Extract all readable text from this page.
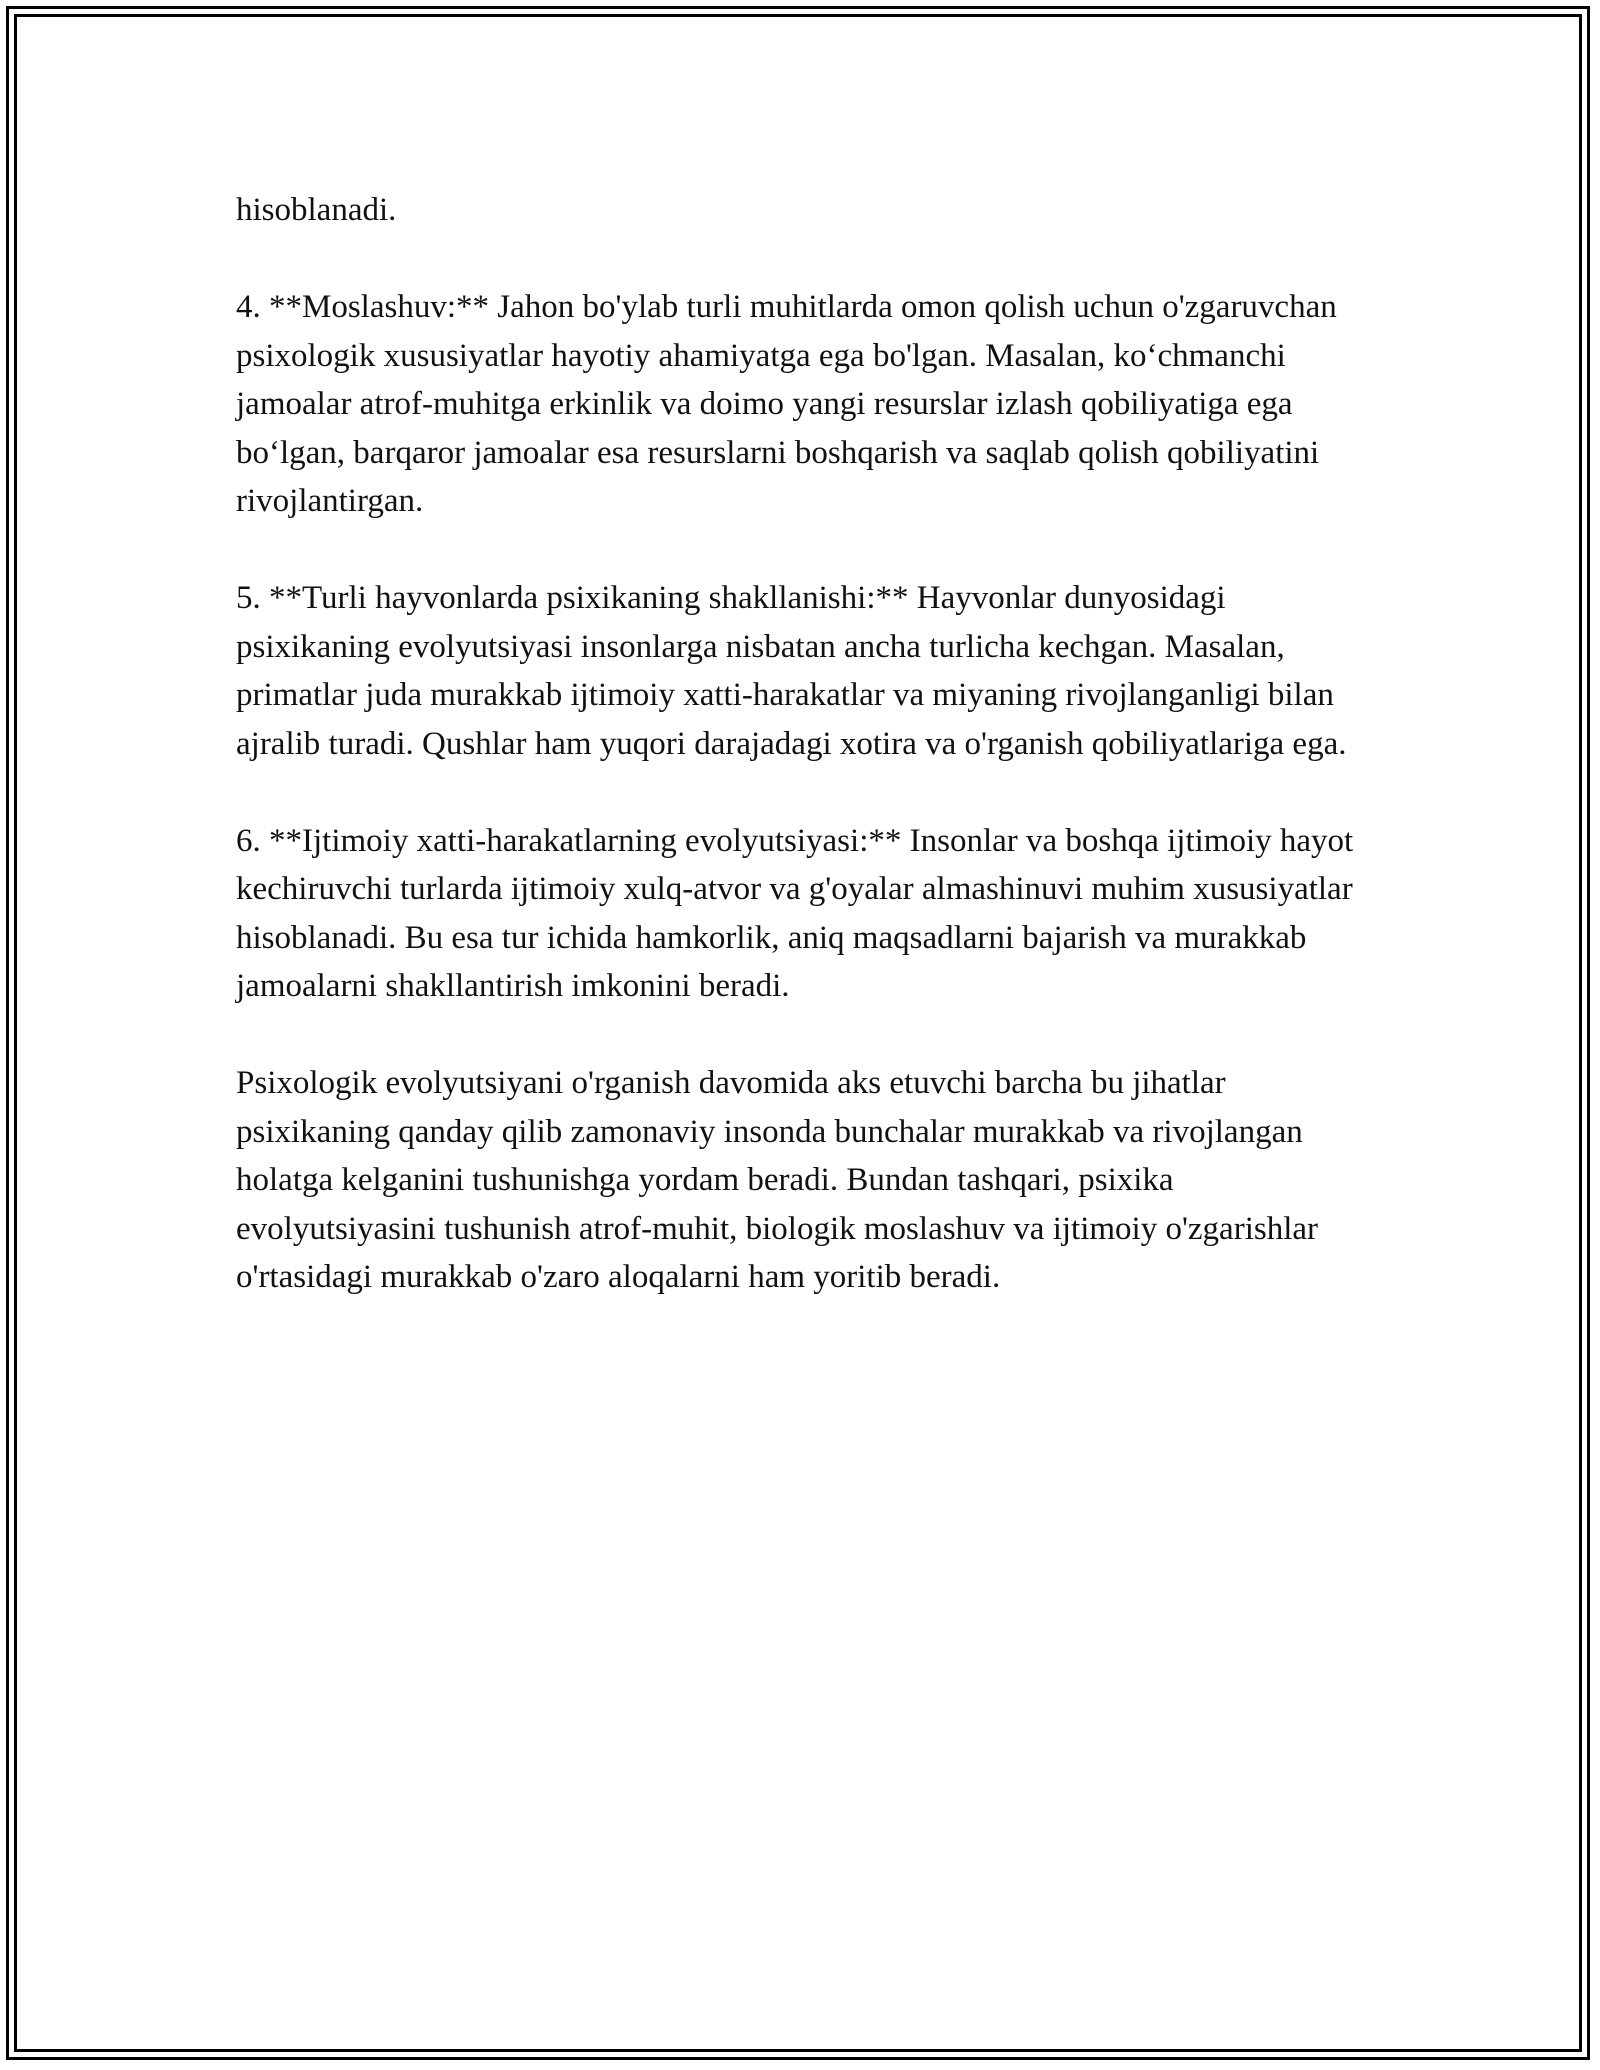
hisoblanadi.

4. **Moslashuv:** Jahon bo'ylab turli muhitlarda omon qolish uchun o'zgaruvchan psixologik xususiyatlar hayotiy ahamiyatga ega bo'lgan. Masalan, koʻchmanchi jamoalar atrof-muhitga erkinlik va doimo yangi resurslar izlash qobiliyatiga ega boʻlgan, barqaror jamoalar esa resurslarni boshqarish va saqlab qolish qobiliyatini rivojlantirgan.

5. **Turli hayvonlarda psixikaning shakllanishi:** Hayvonlar dunyosidagi psixikaning evolyutsiyasi insonlarga nisbatan ancha turlicha kechgan. Masalan, primatlar juda murakkab ijtimoiy xatti-harakatlar va miyaning rivojlanganligi bilan ajralib turadi. Qushlar ham yuqori darajadagi xotira va o'rganish qobiliyatlariga ega.

6. **Ijtimoiy xatti-harakatlarning evolyutsiyasi:** Insonlar va boshqa ijtimoiy hayot kechiruvchi turlarda ijtimoiy xulq-atvor va g'oyalar almashinuvi muhim xususiyatlar hisoblanadi. Bu esa tur ichida hamkorlik, aniq maqsadlarni bajarish va murakkab jamoalarni shakllantirish imkonini beradi.

Psixologik evolyutsiyani o'rganish davomida aks etuvchi barcha bu jihatlar psixikaning qanday qilib zamonaviy insonda bunchalar murakkab va rivojlangan holatga kelganini tushunishga yordam beradi. Bundan tashqari, psixika evolyutsiyasini tushunish atrof-muhit, biologik moslashuv va ijtimoiy o'zgarishlar o'rtasidagi murakkab o'zaro aloqalarni ham yoritib beradi.
